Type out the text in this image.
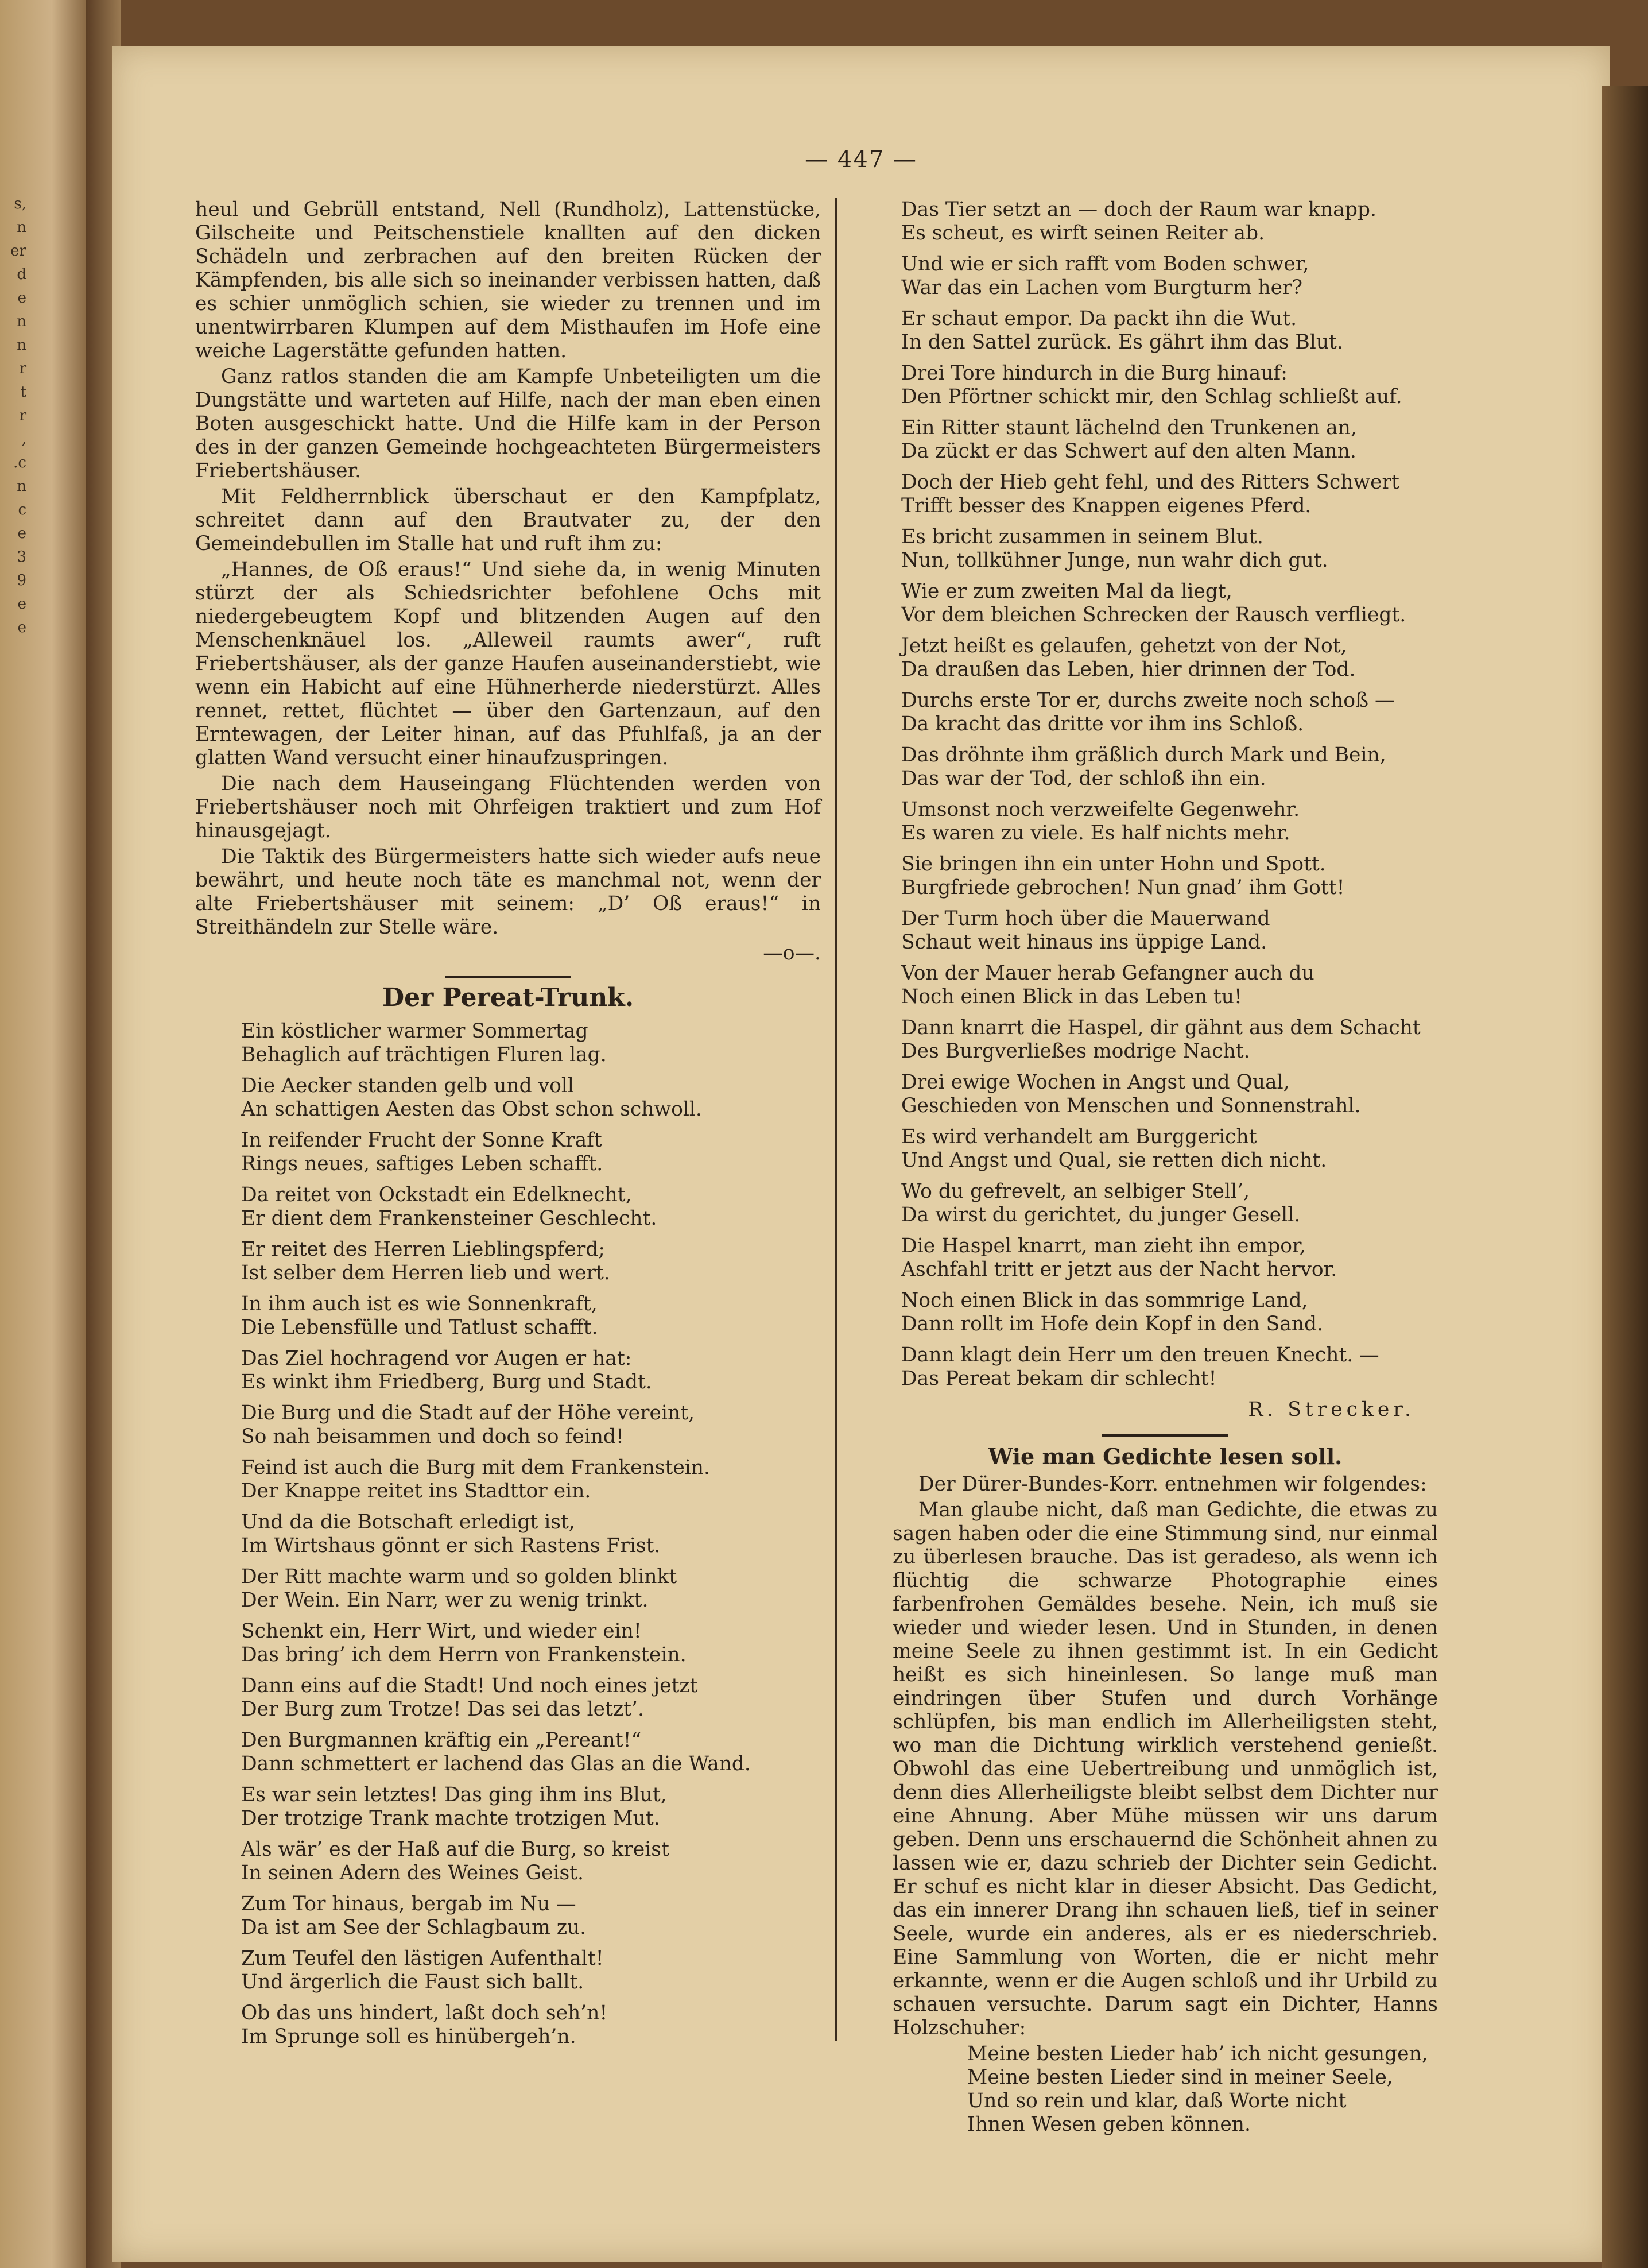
s,
n
er
d
e
n
n
r
t
r
,
.c
n
c
e
3
9
e
e
— 447 —

heul und Gebrüll entstand, Nell (Rundholz), Lattenstücke, Gilscheite und Peitschenstiele knallten auf den dicken Schädeln und zerbrachen auf den breiten Rücken der Kämpfenden, bis alle sich so ineinander verbissen hatten, daß es schier unmöglich schien, sie wieder zu trennen und im unentwirrbaren Klumpen auf dem Misthaufen im Hofe eine weiche Lagerstätte gefunden hatten.

Ganz ratlos standen die am Kampfe Unbeteiligten um die Dungstätte und warteten auf Hilfe, nach der man eben einen Boten ausgeschickt hatte. Und die Hilfe kam in der Person des in der ganzen Gemeinde hochgeachteten Bürgermeisters Friebertshäuser.

Mit Feldherrnblick überschaut er den Kampfplatz, schreitet dann auf den Brautvater zu, der den Gemeindebullen im Stalle hat und ruft ihm zu:

„Hannes, de Oß eraus!“ Und siehe da, in wenig Minuten stürzt der als Schiedsrichter befohlene Ochs mit niedergebeugtem Kopf und blitzenden Augen auf den Menschenknäuel los. „Alleweil raumts awer“, ruft Friebertshäuser, als der ganze Haufen auseinanderstiebt, wie wenn ein Habicht auf eine Hühnerherde niederstürzt. Alles rennet, rettet, flüchtet — über den Gartenzaun, auf den Erntewagen, der Leiter hinan, auf das Pfuhlfaß, ja an der glatten Wand versucht einer hinaufzuspringen.

Die nach dem Hauseingang Flüchtenden werden von Friebertshäuser noch mit Ohrfeigen traktiert und zum Hof hinausgejagt.

Die Taktik des Bürgermeisters hatte sich wieder aufs neue bewährt, und heute noch täte es manchmal not, wenn der alte Friebertshäuser mit seinem: „D’ Oß eraus!“ in Streithändeln zur Stelle wäre.

—o—.
Der Pereat-Trunk.
Ein köstlicher warmer Sommertag
Behaglich auf trächtigen Fluren lag.
Die Aecker standen gelb und voll
An schattigen Aesten das Obst schon schwoll.
In reifender Frucht der Sonne Kraft
Rings neues, saftiges Leben schafft.
Da reitet von Ockstadt ein Edelknecht,
Er dient dem Frankensteiner Geschlecht.
Er reitet des Herren Lieblingspferd;
Ist selber dem Herren lieb und wert.
In ihm auch ist es wie Sonnenkraft,
Die Lebensfülle und Tatlust schafft.
Das Ziel hochragend vor Augen er hat:
Es winkt ihm Friedberg, Burg und Stadt.
Die Burg und die Stadt auf der Höhe vereint,
So nah beisammen und doch so feind!
Feind ist auch die Burg mit dem Frankenstein.
Der Knappe reitet ins Stadttor ein.
Und da die Botschaft erledigt ist,
Im Wirtshaus gönnt er sich Rastens Frist.
Der Ritt machte warm und so golden blinkt
Der Wein. Ein Narr, wer zu wenig trinkt.
Schenkt ein, Herr Wirt, und wieder ein!
Das bring’ ich dem Herrn von Frankenstein.
Dann eins auf die Stadt! Und noch eines jetzt
Der Burg zum Trotze! Das sei das letzt’.
Den Burgmannen kräftig ein „Pereant!“
Dann schmettert er lachend das Glas an die Wand.
Es war sein letztes! Das ging ihm ins Blut,
Der trotzige Trank machte trotzigen Mut.
Als wär’ es der Haß auf die Burg, so kreist
In seinen Adern des Weines Geist.
Zum Tor hinaus, bergab im Nu —
Da ist am See der Schlagbaum zu.
Zum Teufel den lästigen Aufenthalt!
Und ärgerlich die Faust sich ballt.
Ob das uns hindert, laßt doch seh’n!
Im Sprunge soll es hinübergeh’n.
Das Tier setzt an — doch der Raum war knapp.
Es scheut, es wirft seinen Reiter ab.
Und wie er sich rafft vom Boden schwer,
War das ein Lachen vom Burgturm her?
Er schaut empor. Da packt ihn die Wut.
In den Sattel zurück. Es gährt ihm das Blut.
Drei Tore hindurch in die Burg hinauf:
Den Pförtner schickt mir, den Schlag schließt auf.
Ein Ritter staunt lächelnd den Trunkenen an,
Da zückt er das Schwert auf den alten Mann.
Doch der Hieb geht fehl, und des Ritters Schwert
Trifft besser des Knappen eigenes Pferd.
Es bricht zusammen in seinem Blut.
Nun, tollkühner Junge, nun wahr dich gut.
Wie er zum zweiten Mal da liegt,
Vor dem bleichen Schrecken der Rausch verfliegt.
Jetzt heißt es gelaufen, gehetzt von der Not,
Da draußen das Leben, hier drinnen der Tod.
Durchs erste Tor er, durchs zweite noch schoß —
Da kracht das dritte vor ihm ins Schloß.
Das dröhnte ihm gräßlich durch Mark und Bein,
Das war der Tod, der schloß ihn ein.
Umsonst noch verzweifelte Gegenwehr.
Es waren zu viele. Es half nichts mehr.
Sie bringen ihn ein unter Hohn und Spott.
Burgfriede gebrochen! Nun gnad’ ihm Gott!
Der Turm hoch über die Mauerwand
Schaut weit hinaus ins üppige Land.
Von der Mauer herab Gefangner auch du
Noch einen Blick in das Leben tu!
Dann knarrt die Haspel, dir gähnt aus dem Schacht
Des Burgverließes modrige Nacht.
Drei ewige Wochen in Angst und Qual,
Geschieden von Menschen und Sonnenstrahl.
Es wird verhandelt am Burggericht
Und Angst und Qual, sie retten dich nicht.
Wo du gefrevelt, an selbiger Stell’,
Da wirst du gerichtet, du junger Gesell.
Die Haspel knarrt, man zieht ihn empor,
Aschfahl tritt er jetzt aus der Nacht hervor.
Noch einen Blick in das sommrige Land,
Dann rollt im Hofe dein Kopf in den Sand.
Dann klagt dein Herr um den treuen Knecht. —
Das Pereat bekam dir schlecht!
R. Strecker.
Wie man Gedichte lesen soll.

Der Dürer-Bundes-Korr. entnehmen wir folgendes:

Man glaube nicht, daß man Gedichte, die etwas zu sagen haben oder die eine Stimmung sind, nur einmal zu überlesen brauche. Das ist geradeso, als wenn ich flüchtig die schwarze Photographie eines farbenfrohen Gemäldes besehe. Nein, ich muß sie wieder und wieder lesen. Und in Stunden, in denen meine Seele zu ihnen gestimmt ist. In ein Gedicht heißt es sich hineinlesen. So lange muß man eindringen über Stufen und durch Vorhänge schlüpfen, bis man endlich im Allerheiligsten steht, wo man die Dichtung wirklich verstehend genießt. Obwohl das eine Uebertreibung und unmöglich ist, denn dies Allerheiligste bleibt selbst dem Dichter nur eine Ahnung. Aber Mühe müssen wir uns darum geben. Denn uns erschauernd die Schönheit ahnen zu lassen wie er, dazu schrieb der Dichter sein Gedicht. Er schuf es nicht klar in dieser Absicht. Das Gedicht, das ein innerer Drang ihn schauen ließ, tief in seiner Seele, wurde ein anderes, als er es niederschrieb. Eine Sammlung von Worten, die er nicht mehr erkannte, wenn er die Augen schloß und ihr Urbild zu schauen versuchte. Darum sagt ein Dichter, Hanns Holzschuher:

Meine besten Lieder hab’ ich nicht gesungen,
Meine besten Lieder sind in meiner Seele,
Und so rein und klar, daß Worte nicht
Ihnen Wesen geben können.
